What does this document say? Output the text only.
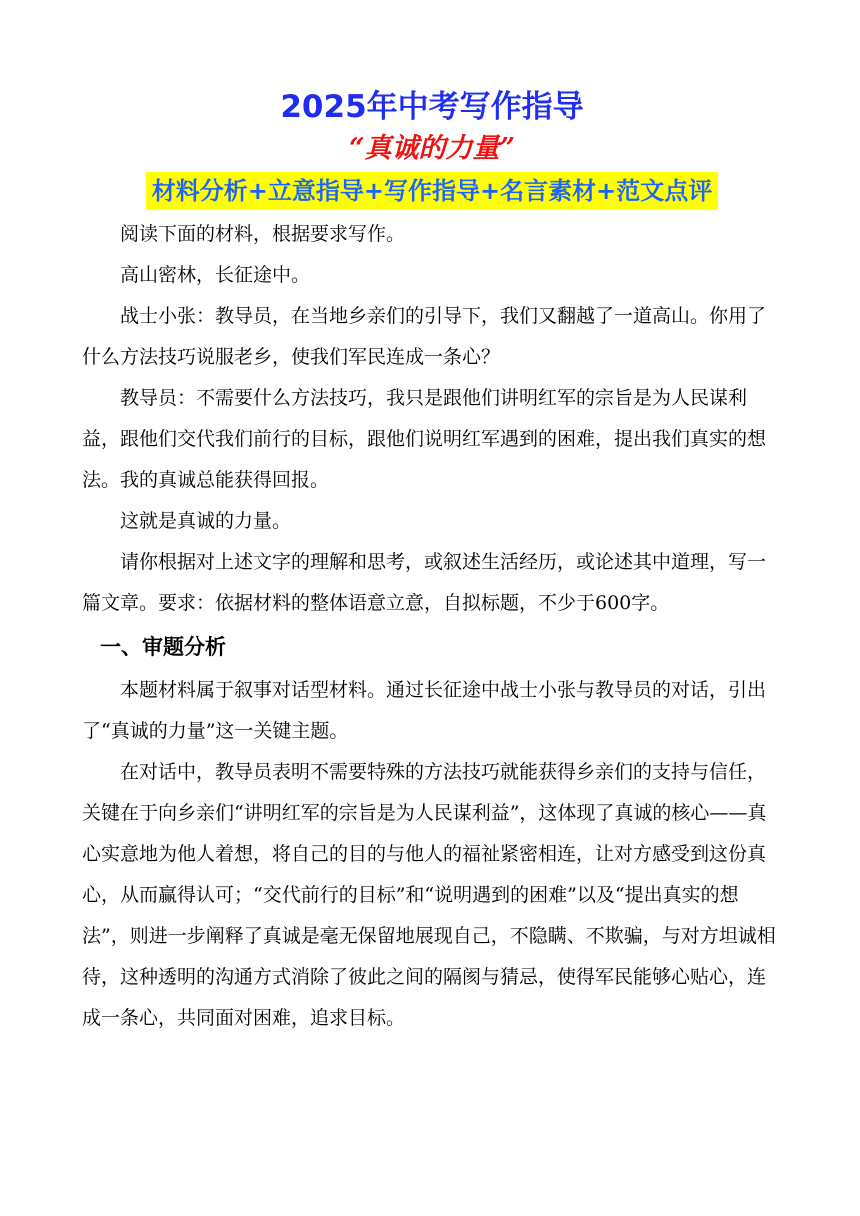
2025年中考写作指导
“真诚的力量”
材料分析+立意指导+写作指导+名言素材+范文点评

阅读下面的材料，根据要求写作。

高山密林，长征途中。

战士小张：教导员，在当地乡亲们的引导下，我们又翻越了一道高山。你用了什么方法技巧说服老乡，使我们军民连成一条心？

教导员：不需要什么方法技巧，我只是跟他们讲明红军的宗旨是为人民谋利益，跟他们交代我们前行的目标，跟他们说明红军遇到的困难，提出我们真实的想法。我的真诚总能获得回报。

这就是真诚的力量。

请你根据对上述文字的理解和思考，或叙述生活经历，或论述其中道理，写一篇文章。要求：依据材料的整体语意立意，自拟标题，不少于600字。

一、审题分析

本题材料属于叙事对话型材料。通过长征途中战士小张与教导员的对话，引出了“真诚的力量”这一关键主题。

在对话中，教导员表明不需要特殊的方法技巧就能获得乡亲们的支持与信任，关键在于向乡亲们“讲明红军的宗旨是为人民谋利益”，这体现了真诚的核心——真心实意地为他人着想，将自己的目的与他人的福祉紧密相连，让对方感受到这份真心，从而赢得认可；“交代前行的目标”和“说明遇到的困难”以及“提出真实的想法”，则进一步阐释了真诚是毫无保留地展现自己，不隐瞒、不欺骗，与对方坦诚相待，这种透明的沟通方式消除了彼此之间的隔阂与猜忌，使得军民能够心贴心，连成一条心，共同面对困难，追求目标。
